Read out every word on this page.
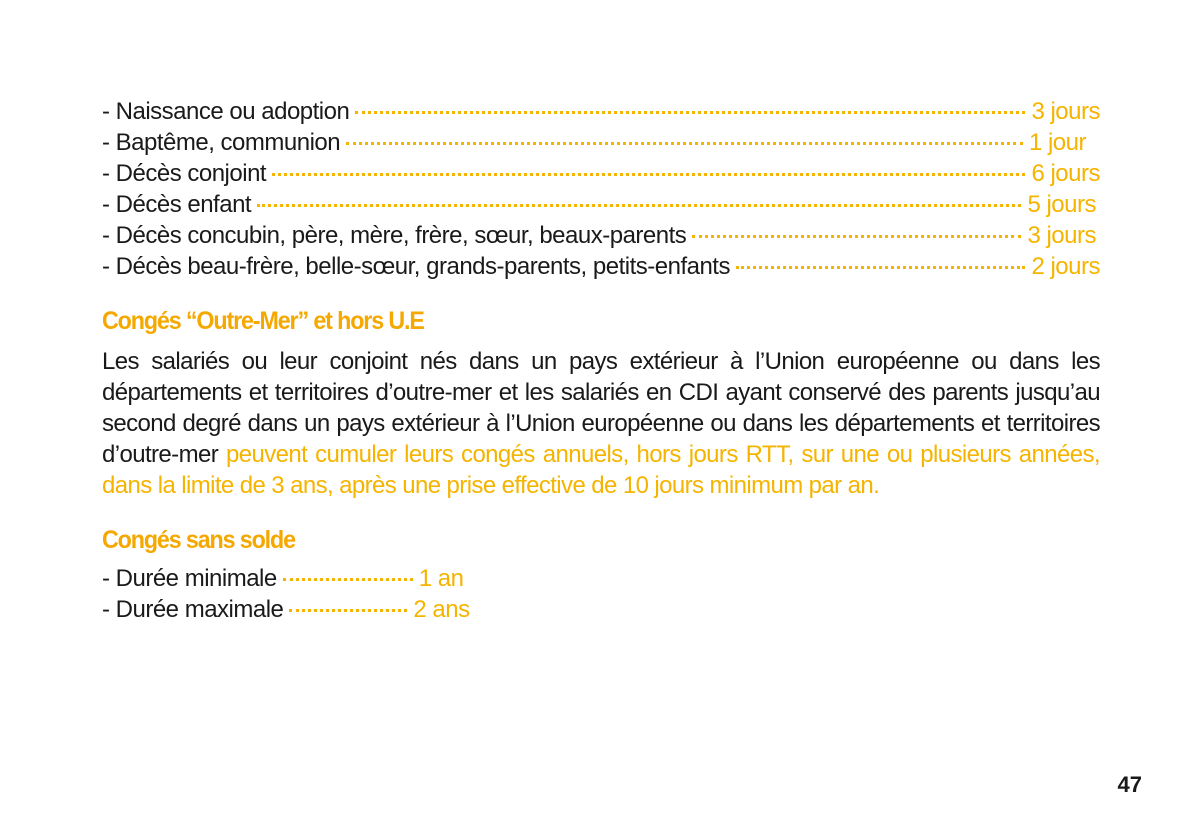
- Naissance ou adoption	3 jours
- Baptême, communion	1 jour
- Décès conjoint	6 jours
- Décès enfant	5 jours
- Décès concubin, père, mère, frère, sœur, beaux-parents	3 jours
- Décès beau-frère, belle-sœur, grands-parents, petits-enfants	2 jours
Congés “Outre-Mer” et hors U.E

Les salariés ou leur conjoint nés dans un pays extérieur à l’Union européenne ou dans les départements et territoires d’outre-mer et les salariés en CDI ayant conservé des parents jusqu’au second degré dans un pays extérieur à l’Union européenne ou dans les départements et territoires d’outre-mer peuvent cumuler leurs congés annuels, hors jours RTT, sur une ou plusieurs années, dans la limite de 3 ans, après une prise effective de 10 jours minimum par an.

Congés sans solde
- Durée minimale	1 an
- Durée maximale	2 ans
47
